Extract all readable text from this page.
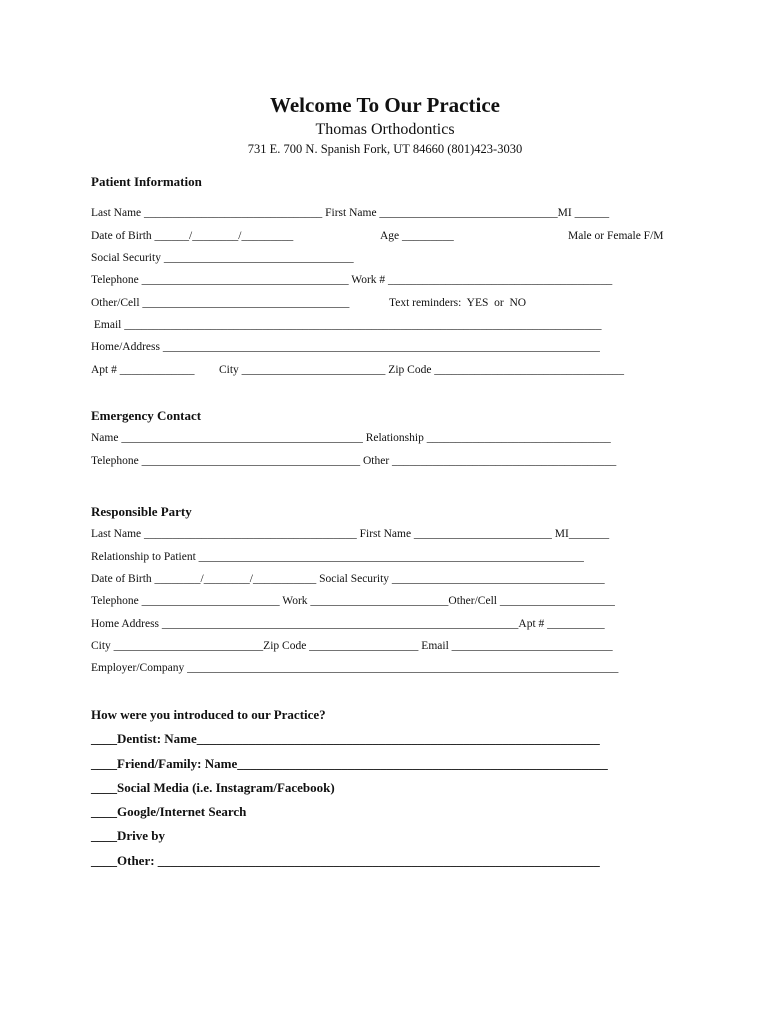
Welcome To Our Practice
Thomas Orthodontics
731 E. 700 N. Spanish Fork, UT 84660 (801)423-3030
Patient Information
Last Name _______________________________ First Name _______________________________MI ______
Date of Birth ______/________/_________	Age _________	Male or Female F/M
Social Security _________________________________
Telephone ____________________________________ Work # _______________________________________
Other/Cell ____________________________________	Text reminders:  YES  or  NO
Email ___________________________________________________________________________________
Home/Address ____________________________________________________________________________
Apt # _____________ City _________________________ Zip Code _________________________________
Emergency Contact
Name __________________________________________ Relationship ________________________________
Telephone ______________________________________ Other _______________________________________
Responsible Party
Last Name _____________________________________ First Name ________________________ MI_______
Relationship to Patient ___________________________________________________________________
Date of Birth ________/________/___________ Social Security _____________________________________
Telephone ________________________ Work ________________________Other/Cell ____________________
Home Address ______________________________________________________________Apt # __________
City __________________________Zip Code ___________________ Email ____________________________
Employer/Company ___________________________________________________________________________
How were you introduced to our Practice?
____Dentist: Name______________________________________________________________
____Friend/Family: Name_________________________________________________________
____Social Media (i.e. Instagram/Facebook)
____Google/Internet Search
____Drive by
____Other: ____________________________________________________________________
